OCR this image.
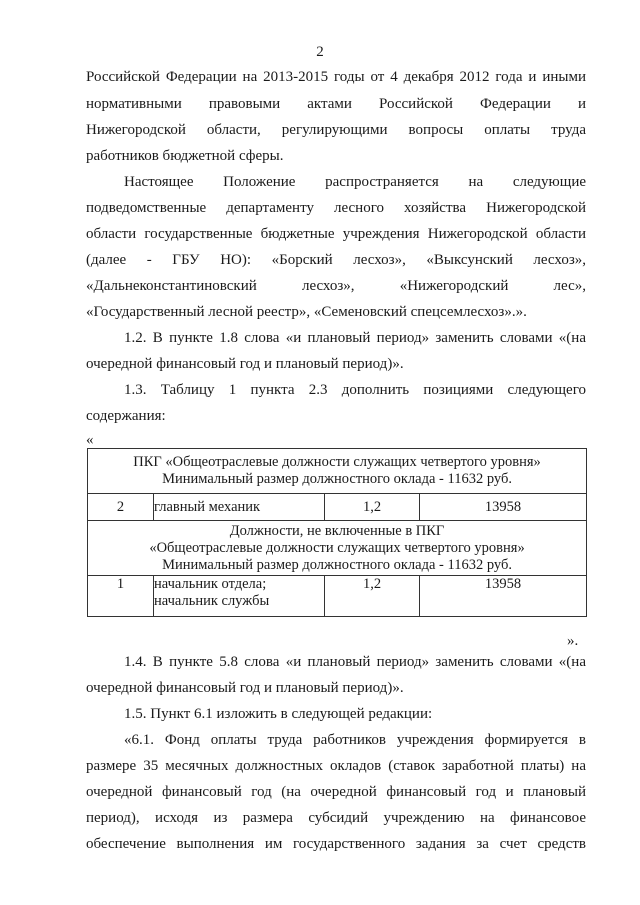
2
Российской Федерации на 2013-2015 годы от 4 декабря 2012 года и иными
нормативными правовыми актами Российской Федерации и
Нижегородской области, регулирующими вопросы оплаты труда
работников бюджетной сферы.
Настоящее Положение распространяется на следующие
подведомственные департаменту лесного хозяйства Нижегородской
области государственные бюджетные учреждения Нижегородской области
(далее - ГБУ НО): «Борский лесхоз», «Выксунский лесхоз»,
«Дальнеконстантиновский лесхоз», «Нижегородский лес»,
«Государственный лесной реестр», «Семеновский спецсемлесхоз».».
1.2. В пункте 1.8 слова «и плановый период» заменить словами «(на
очередной финансовый год и плановый период)».
1.3. Таблицу 1 пункта 2.3 дополнить позициями следующего
содержания:
«
ПКГ «Общеотраслевые должности служащих четвертого уровня»
Минимальный размер должностного оклада - 11632 руб.			

2	главный механик	1,2	13958

Должности, не включенные в ПКГ
«Общеотраслевые должности служащих четвертого уровня»
Минимальный размер должностного оклада - 11632 руб.			

1	начальник отдела;
начальник службы	1,2	13958
».
1.4. В пункте 5.8 слова «и плановый период» заменить словами «(на
очередной финансовый год и плановый период)».
1.5. Пункт 6.1 изложить в следующей редакции:
«6.1. Фонд оплаты труда работников учреждения формируется в
размере 35 месячных должностных окладов (ставок заработной платы) на
очередной финансовый год (на очередной финансовый год и плановый
период), исходя из размера субсидий учреждению на финансовое
обеспечение выполнения им государственного задания за счет средств
